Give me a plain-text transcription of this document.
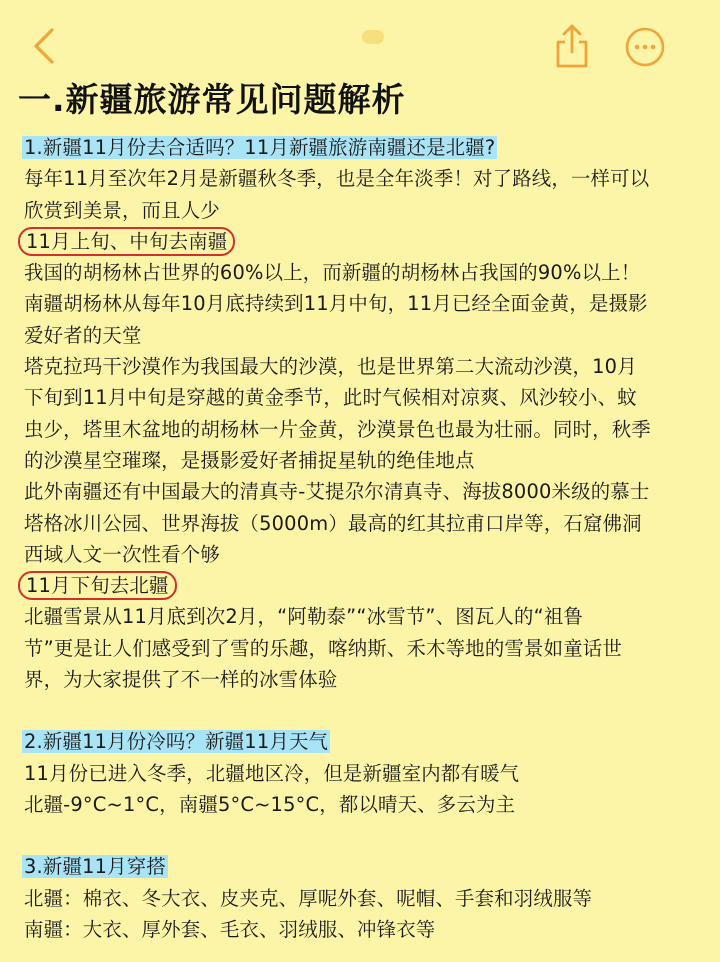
一.新疆旅游常见问题解析
1.新疆11月份去合适吗？11月新疆旅游南疆还是北疆?
每年11月至次年2月是新疆秋冬季，也是全年淡季！对了路线，一样可以
欣赏到美景，而且人少
11月上旬、中旬去南疆
我国的胡杨林占世界的60%以上，而新疆的胡杨林占我国的90%以上！
南疆胡杨林从每年10月底持续到11月中旬，11月已经全面金黄，是摄影
爱好者的天堂
塔克拉玛干沙漠作为我国最大的沙漠，也是世界第二大流动沙漠，10月
下旬到11月中旬是穿越的黄金季节，此时气候相对凉爽、风沙较小、蚊
虫少，塔里木盆地的胡杨林一片金黄，沙漠景色也最为壮丽。同时，秋季
的沙漠星空璀璨，是摄影爱好者捕捉星轨的绝佳地点
此外南疆还有中国最大的清真寺-艾提尕尔清真寺、海拔8000米级的慕士
塔格冰川公园、世界海拔（5000m）最高的红其拉甫口岸等，石窟佛洞
西域人文一次性看个够
11月下旬去北疆
北疆雪景从11月底到次2月，“阿勒泰”“冰雪节”、图瓦人的“祖鲁
节”更是让人们感受到了雪的乐趣，喀纳斯、禾木等地的雪景如童话世
界，为大家提供了不一样的冰雪体验
2.新疆11月份冷吗？新疆11月天气
11月份已进入冬季，北疆地区冷，但是新疆室内都有暖气
北疆-9°C~1°C，南疆5°C~15°C，都以晴天、多云为主
3.新疆11月穿搭
北疆：棉衣、冬大衣、皮夹克、厚呢外套、呢帽、手套和羽绒服等
南疆：大衣、厚外套、毛衣、羽绒服、冲锋衣等
